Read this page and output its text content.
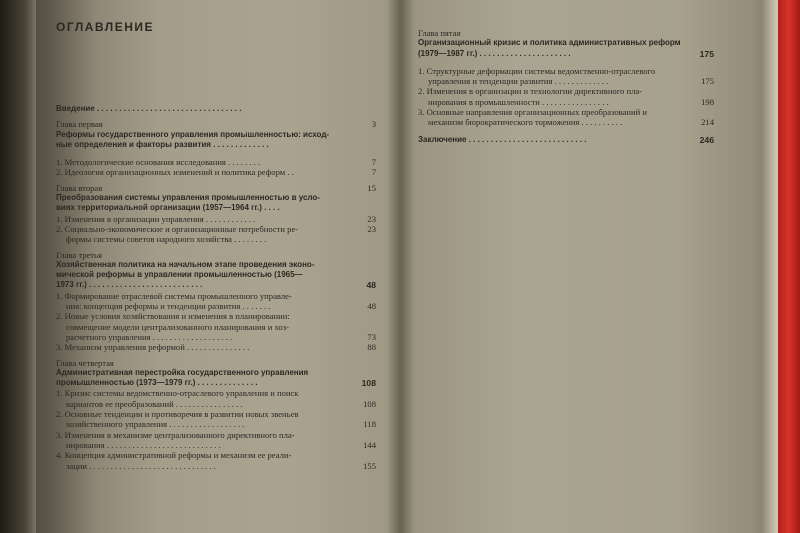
ОГЛАВЛЕНИЕ
Введение . . . . . . . . . . . . . . . . . . . . . . . . . . . . . . . . .
Глава первая	3
Реформы государственного управления промышленностью: исход-
ные определения и факторы развития . . . . . . . . . . . . .
1. Методологические основания исследования . . . . . . . .	7
2. Идеология организационных изменений и политика реформ . .	7
Глава вторая	15
Преобразования системы управления промышленностью в усло-
виях территориальной организации (1957—1964 гг.) . . . .
1. Изменения в организации управления . . . . . . . . . . . .	23
2. Социально-экономические и организационные потребности ре-	23
формы системы советов народного хозяйства . . . . . . . .
Глава третья
Хозяйственная политика на начальном этапе проведения эконо-
мической реформы в управлении промышленностью (1965—
1973 гг.) . . . . . . . . . . . . . . . . . . . . . . . . . .	48
1. Формирование отраслевой системы промышленного управле-
ния: концепция реформы и тенденции развития . . . . . . .	48
2. Новые условия хозяйствования и изменения в планировании:
совмещение модели централизованного планирования и хоз-
расчетного управления . . . . . . . . . . . . . . . . . . .	73
3. Механизм управления реформой . . . . . . . . . . . . . . .	88
Глава четвертая
Административная перестройка государственного управления
промышленностью (1973—1979 гг.) . . . . . . . . . . . . . .	108
1. Кризис системы ведомственно-отраслевого управления и поиск
вариантов ее преобразований . . . . . . . . . . . . . . . .	108
2. Основные тенденции и противоречия в развитии новых звеньев
хозяйственного управления . . . . . . . . . . . . . . . . . .	118
3. Изменения в механизме централизованного директивного пла-
нирования . . . . . . . . . . . . . . . . . . . . . . . . . . .	144
4. Концепция административной реформы и механизм ее реали-
зации . . . . . . . . . . . . . . . . . . . . . . . . . . . . . .	155
Глава пятая
Организационный кризис и политика административных реформ
(1979—1987 гг.) . . . . . . . . . . . . . . . . . . . . .	175
1. Структурные деформации системы ведомственно-отраслевого
управления и тенденции развития . . . . . . . . . . . . .	175
2. Изменения в организации и технологии директивного пла-
нирования в промышленности . . . . . . . . . . . . . . . .	198
3. Основные направления организационных преобразований и
механизм бюрократического торможения . . . . . . . . . .	214
Заключение . . . . . . . . . . . . . . . . . . . . . . . . . . .	246
